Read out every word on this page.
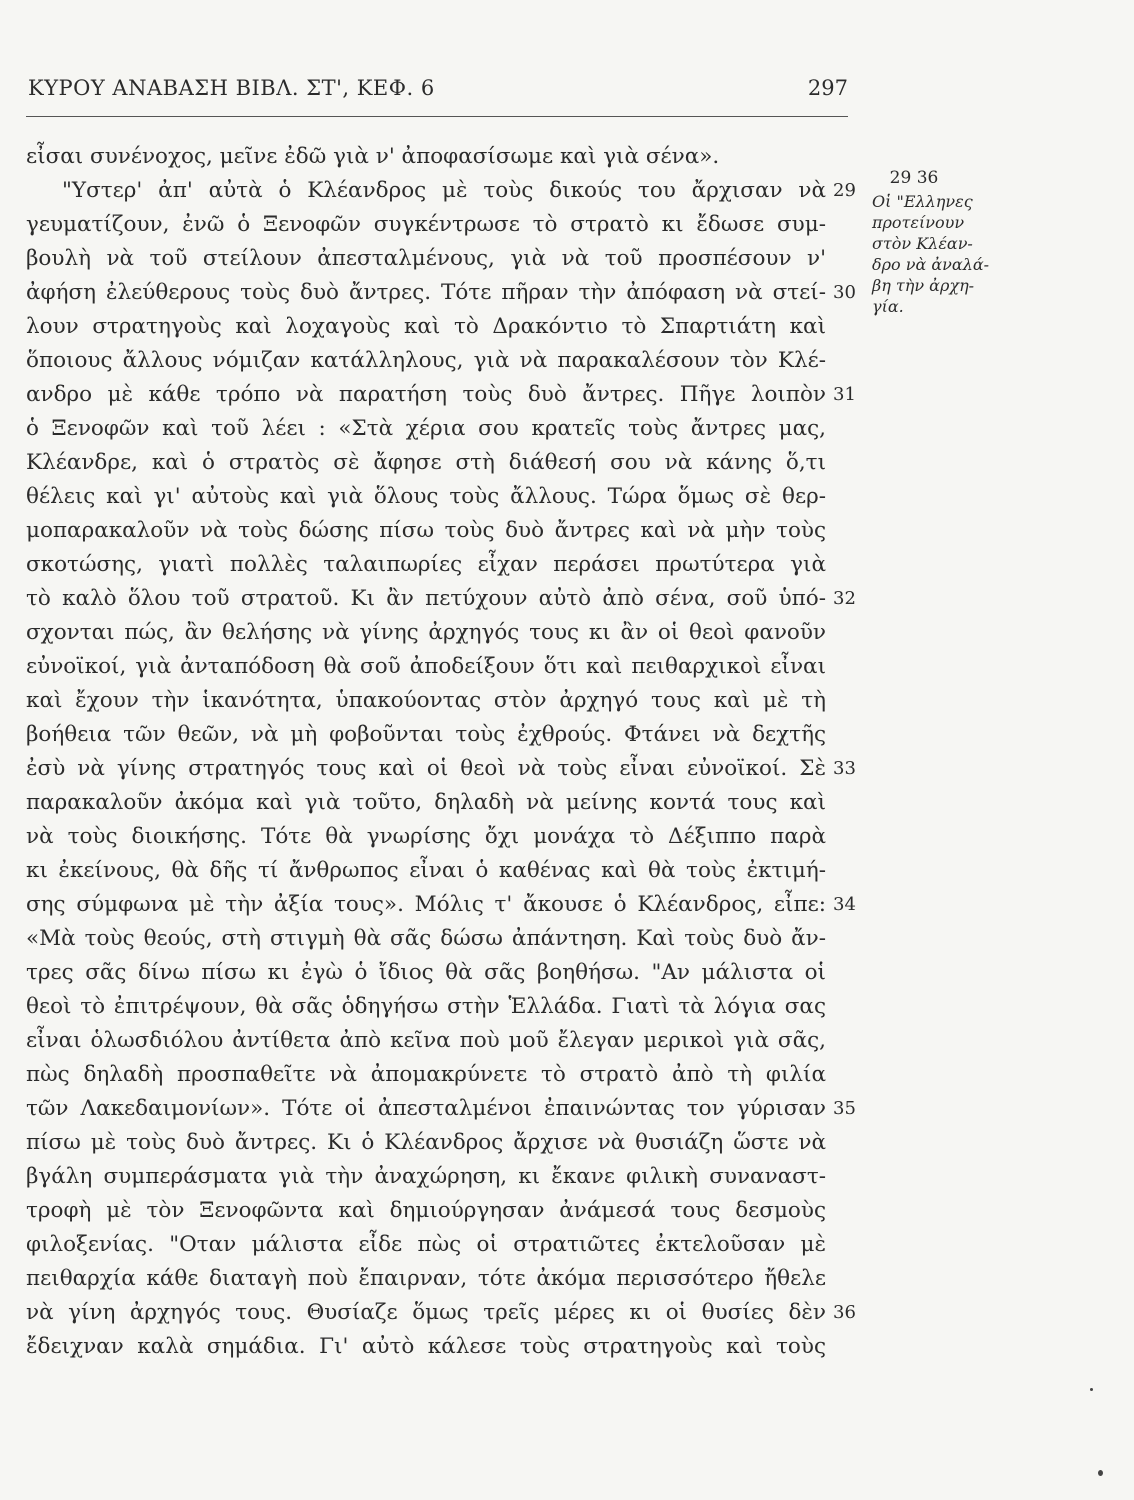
ΚΥΡΟΥ ΑΝΑΒΑΣΗ ΒΙΒΛ. ΣΤ', ΚΕΦ. 6	297
εἶσαι συνένοχος, μεῖνε ἐδῶ γιὰ ν' ἀποφασίσωμε καὶ γιὰ σένα».
"Υστερ' ἀπ' αὐτὰ ὁ Κλέανδρος μὲ τοὺς δικούς του ἄρχισαν νὰ
γευματίζουν, ἐνῶ ὁ Ξενοφῶν συγκέντρωσε τὸ στρατὸ κι ἔδωσε συμ-
βουλὴ νὰ τοῦ στείλουν ἀπεσταλμένους, γιὰ νὰ τοῦ προσπέσουν ν'
ἀφήση ἐλεύθερους τοὺς δυὸ ἄντρες. Τότε πῆραν τὴν ἀπόφαση νὰ στεί-
λουν στρατηγοὺς καὶ λοχαγοὺς καὶ τὸ Δρακόντιο τὸ Σπαρτιάτη καὶ
ὅποιους ἄλλους νόμιζαν κατάλληλους, γιὰ νὰ παρακαλέσουν τὸν Κλέ-
ανδρο μὲ κάθε τρόπο νὰ παρατήση τοὺς δυὸ ἄντρες. Πῆγε λοιπὸν
ὁ Ξενοφῶν καὶ τοῦ λέει : «Στὰ χέρια σου κρατεῖς τοὺς ἄντρες μας,
Κλέανδρε, καὶ ὁ στρατὸς σὲ ἄφησε στὴ διάθεσή σου νὰ κάνης ὅ,τι
θέλεις καὶ γι' αὐτοὺς καὶ γιὰ ὅλους τοὺς ἄλλους. Τώρα ὅμως σὲ θερ-
μοπαρακαλοῦν νὰ τοὺς δώσης πίσω τοὺς δυὸ ἄντρες καὶ νὰ μὴν τοὺς
σκοτώσης, γιατὶ πολλὲς ταλαιπωρίες εἶχαν περάσει πρωτύτερα γιὰ
τὸ καλὸ ὅλου τοῦ στρατοῦ. Κι ἂν πετύχουν αὐτὸ ἀπὸ σένα, σοῦ ὑπό-
σχονται πώς, ἂν θελήσης νὰ γίνης ἀρχηγός τους κι ἂν οἱ θεοὶ φανοῦν
εὐνοϊκοί, γιὰ ἀνταπόδοση θὰ σοῦ ἀποδείξουν ὅτι καὶ πειθαρχικοὶ εἶναι
καὶ ἔχουν τὴν ἱκανότητα, ὑπακούοντας στὸν ἀρχηγό τους καὶ μὲ τὴ
βοήθεια τῶν θεῶν, νὰ μὴ φοβοῦνται τοὺς ἐχθρούς. Φτάνει νὰ δεχτῆς
ἐσὺ νὰ γίνης στρατηγός τους καὶ οἱ θεοὶ νὰ τοὺς εἶναι εὐνοϊκοί. Σὲ
παρακαλοῦν ἀκόμα καὶ γιὰ τοῦτο, δηλαδὴ νὰ μείνης κοντά τους καὶ
νὰ τοὺς διοικήσης. Τότε θὰ γνωρίσης ὄχι μονάχα τὸ Δέξιππο παρὰ
κι ἐκείνους, θὰ δῆς τί ἄνθρωπος εἶναι ὁ καθένας καὶ θὰ τοὺς ἐκτιμή-
σης σύμφωνα μὲ τὴν ἀξία τους». Μόλις τ' ἄκουσε ὁ Κλέανδρος, εἶπε:
«Μὰ τοὺς θεούς, στὴ στιγμὴ θὰ σᾶς δώσω ἀπάντηση. Καὶ τοὺς δυὸ ἄν-
τρες σᾶς δίνω πίσω κι ἐγὼ ὁ ἴδιος θὰ σᾶς βοηθήσω. "Αν μάλιστα οἱ
θεοὶ τὸ ἐπιτρέψουν, θὰ σᾶς ὁδηγήσω στὴν Ἑλλάδα. Γιατὶ τὰ λόγια σας
εἶναι ὁλωσδιόλου ἀντίθετα ἀπὸ κεῖνα ποὺ μοῦ ἔλεγαν μερικοὶ γιὰ σᾶς,
πὼς δηλαδὴ προσπαθεῖτε νὰ ἀπομακρύνετε τὸ στρατὸ ἀπὸ τὴ φιλία
τῶν Λακεδαιμονίων». Τότε οἱ ἀπεσταλμένοι ἐπαινώντας τον γύρισαν
πίσω μὲ τοὺς δυὸ ἄντρες. Κι ὁ Κλέανδρος ἄρχισε νὰ θυσιάζη ὥστε νὰ
βγάλη συμπεράσματα γιὰ τὴν ἀναχώρηση, κι ἔκανε φιλικὴ συναναστ-
τροφὴ μὲ τὸν Ξενοφῶντα καὶ δημιούργησαν ἀνάμεσά τους δεσμοὺς
φιλοξενίας. "Οταν μάλιστα εἶδε πὼς οἱ στρατιῶτες ἐκτελοῦσαν μὲ
πειθαρχία κάθε διαταγὴ ποὺ ἔπαιρναν, τότε ἀκόμα περισσότερο ἤθελε
νὰ γίνη ἀρχηγός τους. Θυσίαζε ὅμως τρεῖς μέρες κι οἱ θυσίες δὲν
ἔδειχναν καλὰ σημάδια. Γι' αὐτὸ κάλεσε τοὺς στρατηγοὺς καὶ τοὺς
29
30
31
32
33
34
35
36
29 36
Οἱ "Ελληνες
προτείνουν
στὸν Κλέαν-
δρο νὰ ἀναλά-
βη τὴν ἀρχη-
γία.
